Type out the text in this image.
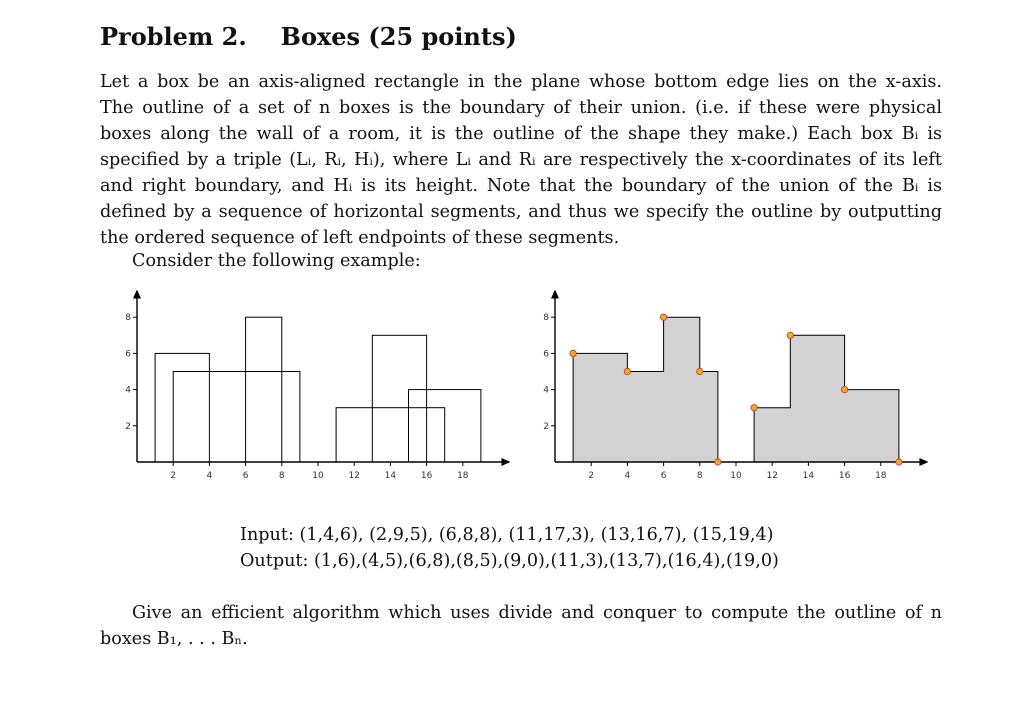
Problem 2. Boxes (25 points)
Let a box be an axis-aligned rectangle in the plane whose bottom edge lies on the x-axis.
The outline of a set of n boxes is the boundary of their union. (i.e. if these were physical
boxes along the wall of a room, it is the outline of the shape they make.) Each box Bᵢ is
specified by a triple (Lᵢ, Rᵢ, Hᵢ), where Lᵢ and Rᵢ are respectively the x-coordinates of its left
and right boundary, and Hᵢ is its height. Note that the boundary of the union of the Bᵢ is
defined by a sequence of horizontal segments, and thus we specify the outline by outputting
the ordered sequence of left endpoints of these segments.
Consider the following example:
2	4	6	8	10	12	14	16	18
2
4
6
8
2	4	6	8	10	12	14	16	18
2
4
6
8
Input: (1,4,6), (2,9,5), (6,8,8), (11,17,3), (13,16,7), (15,19,4)
Output: (1,6),(4,5),(6,8),(8,5),(9,0),(11,3),(13,7),(16,4),(19,0)
Give an efficient algorithm which uses divide and conquer to compute the outline of n
boxes B₁, . . . Bₙ.
